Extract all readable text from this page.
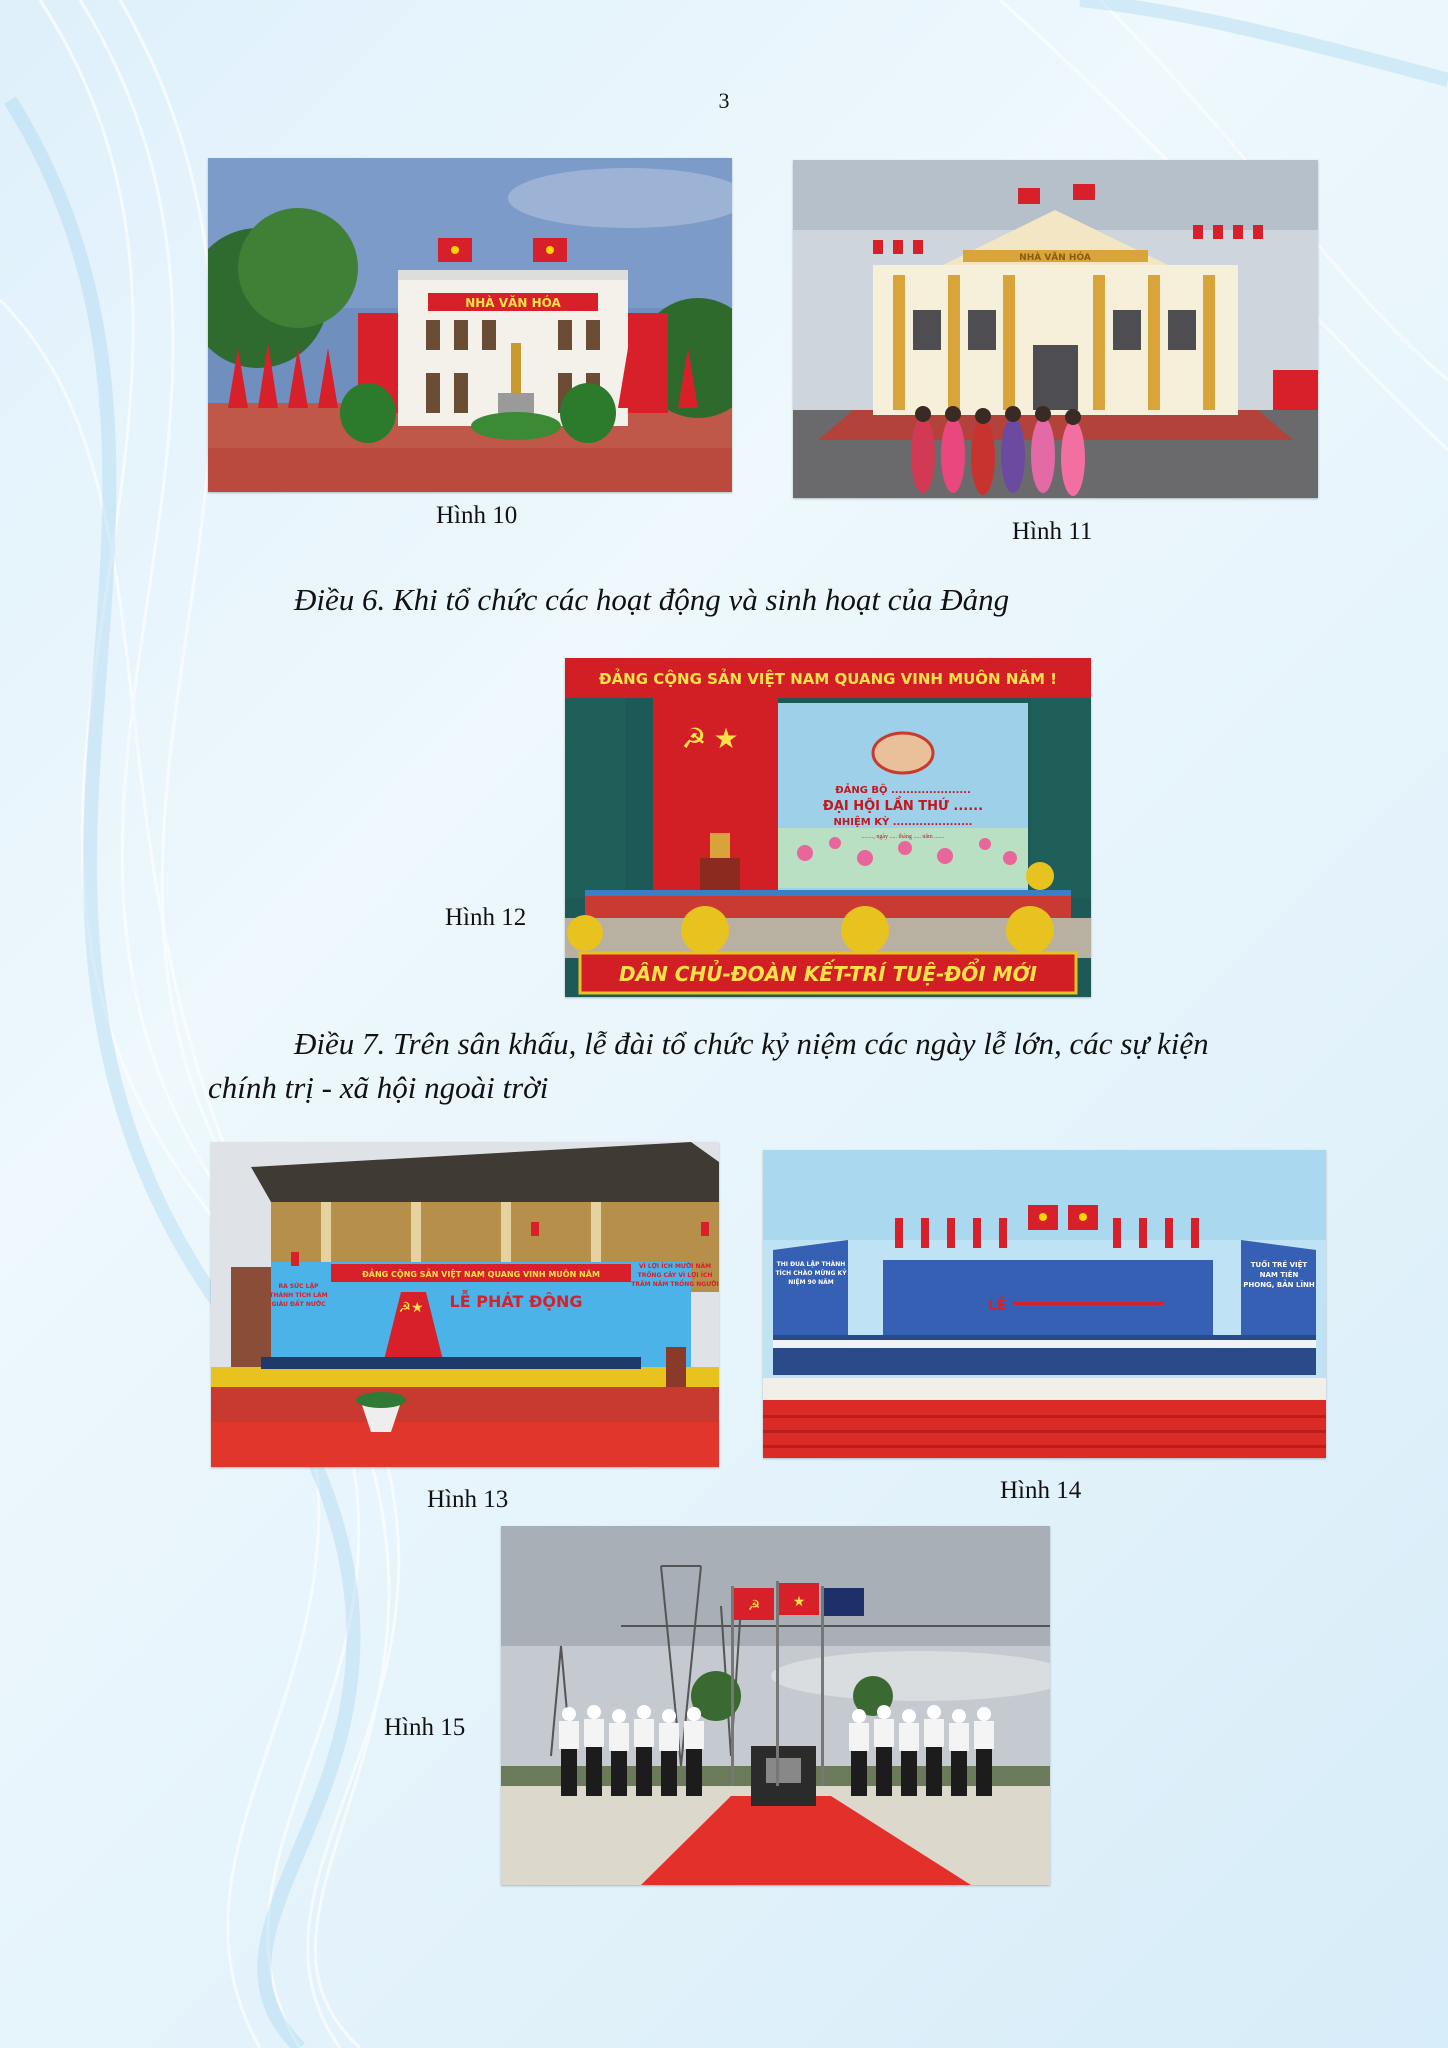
3
NHÀ VĂN HÓA
Hình 10
NHÀ VĂN HÓA
Hình 11
Điều 6. Khi tổ chức các hoạt động và sinh hoạt của Đảng
ĐẢNG CỘNG SẢN VIỆT NAM QUANG VINH MUÔN NĂM !
☭ ★
ĐẢNG BỘ .....................
ĐẠI HỘI LẦN THỨ ......
NHIỆM KỲ .....................
........, ngày ..... tháng ..... năm .......
DÂN CHỦ-ĐOÀN KẾT-TRÍ TUỆ-ĐỔI MỚI
Hình 12
Điều 7. Trên sân khấu, lễ đài tổ chức kỷ niệm các ngày lễ lớn, các sự kiện
chính trị - xã hội ngoài trời
ĐẢNG CỘNG SẢN VIỆT NAM QUANG VINH MUÔN NĂM
☭★ LỄ PHÁT ĐỘNG
RA SỨC LẬP THÀNH TÍCH LÀM GIÀU ĐẤT NƯỚC
VÌ LỢI ÍCH MƯỜI NĂM TRỒNG CÂY VÌ LỢI ÍCH TRĂM NĂM TRỒNG NGƯỜI
Hình 13
LỄ
THI ĐUA LẬP THÀNH TÍCH CHÀO MỪNG KỶ NIỆM 90 NĂM
TUỔI TRẺ VIỆT NAM TIÊN PHONG, BẢN LĨNH
Hình 14
☭ ★
Hình 15
